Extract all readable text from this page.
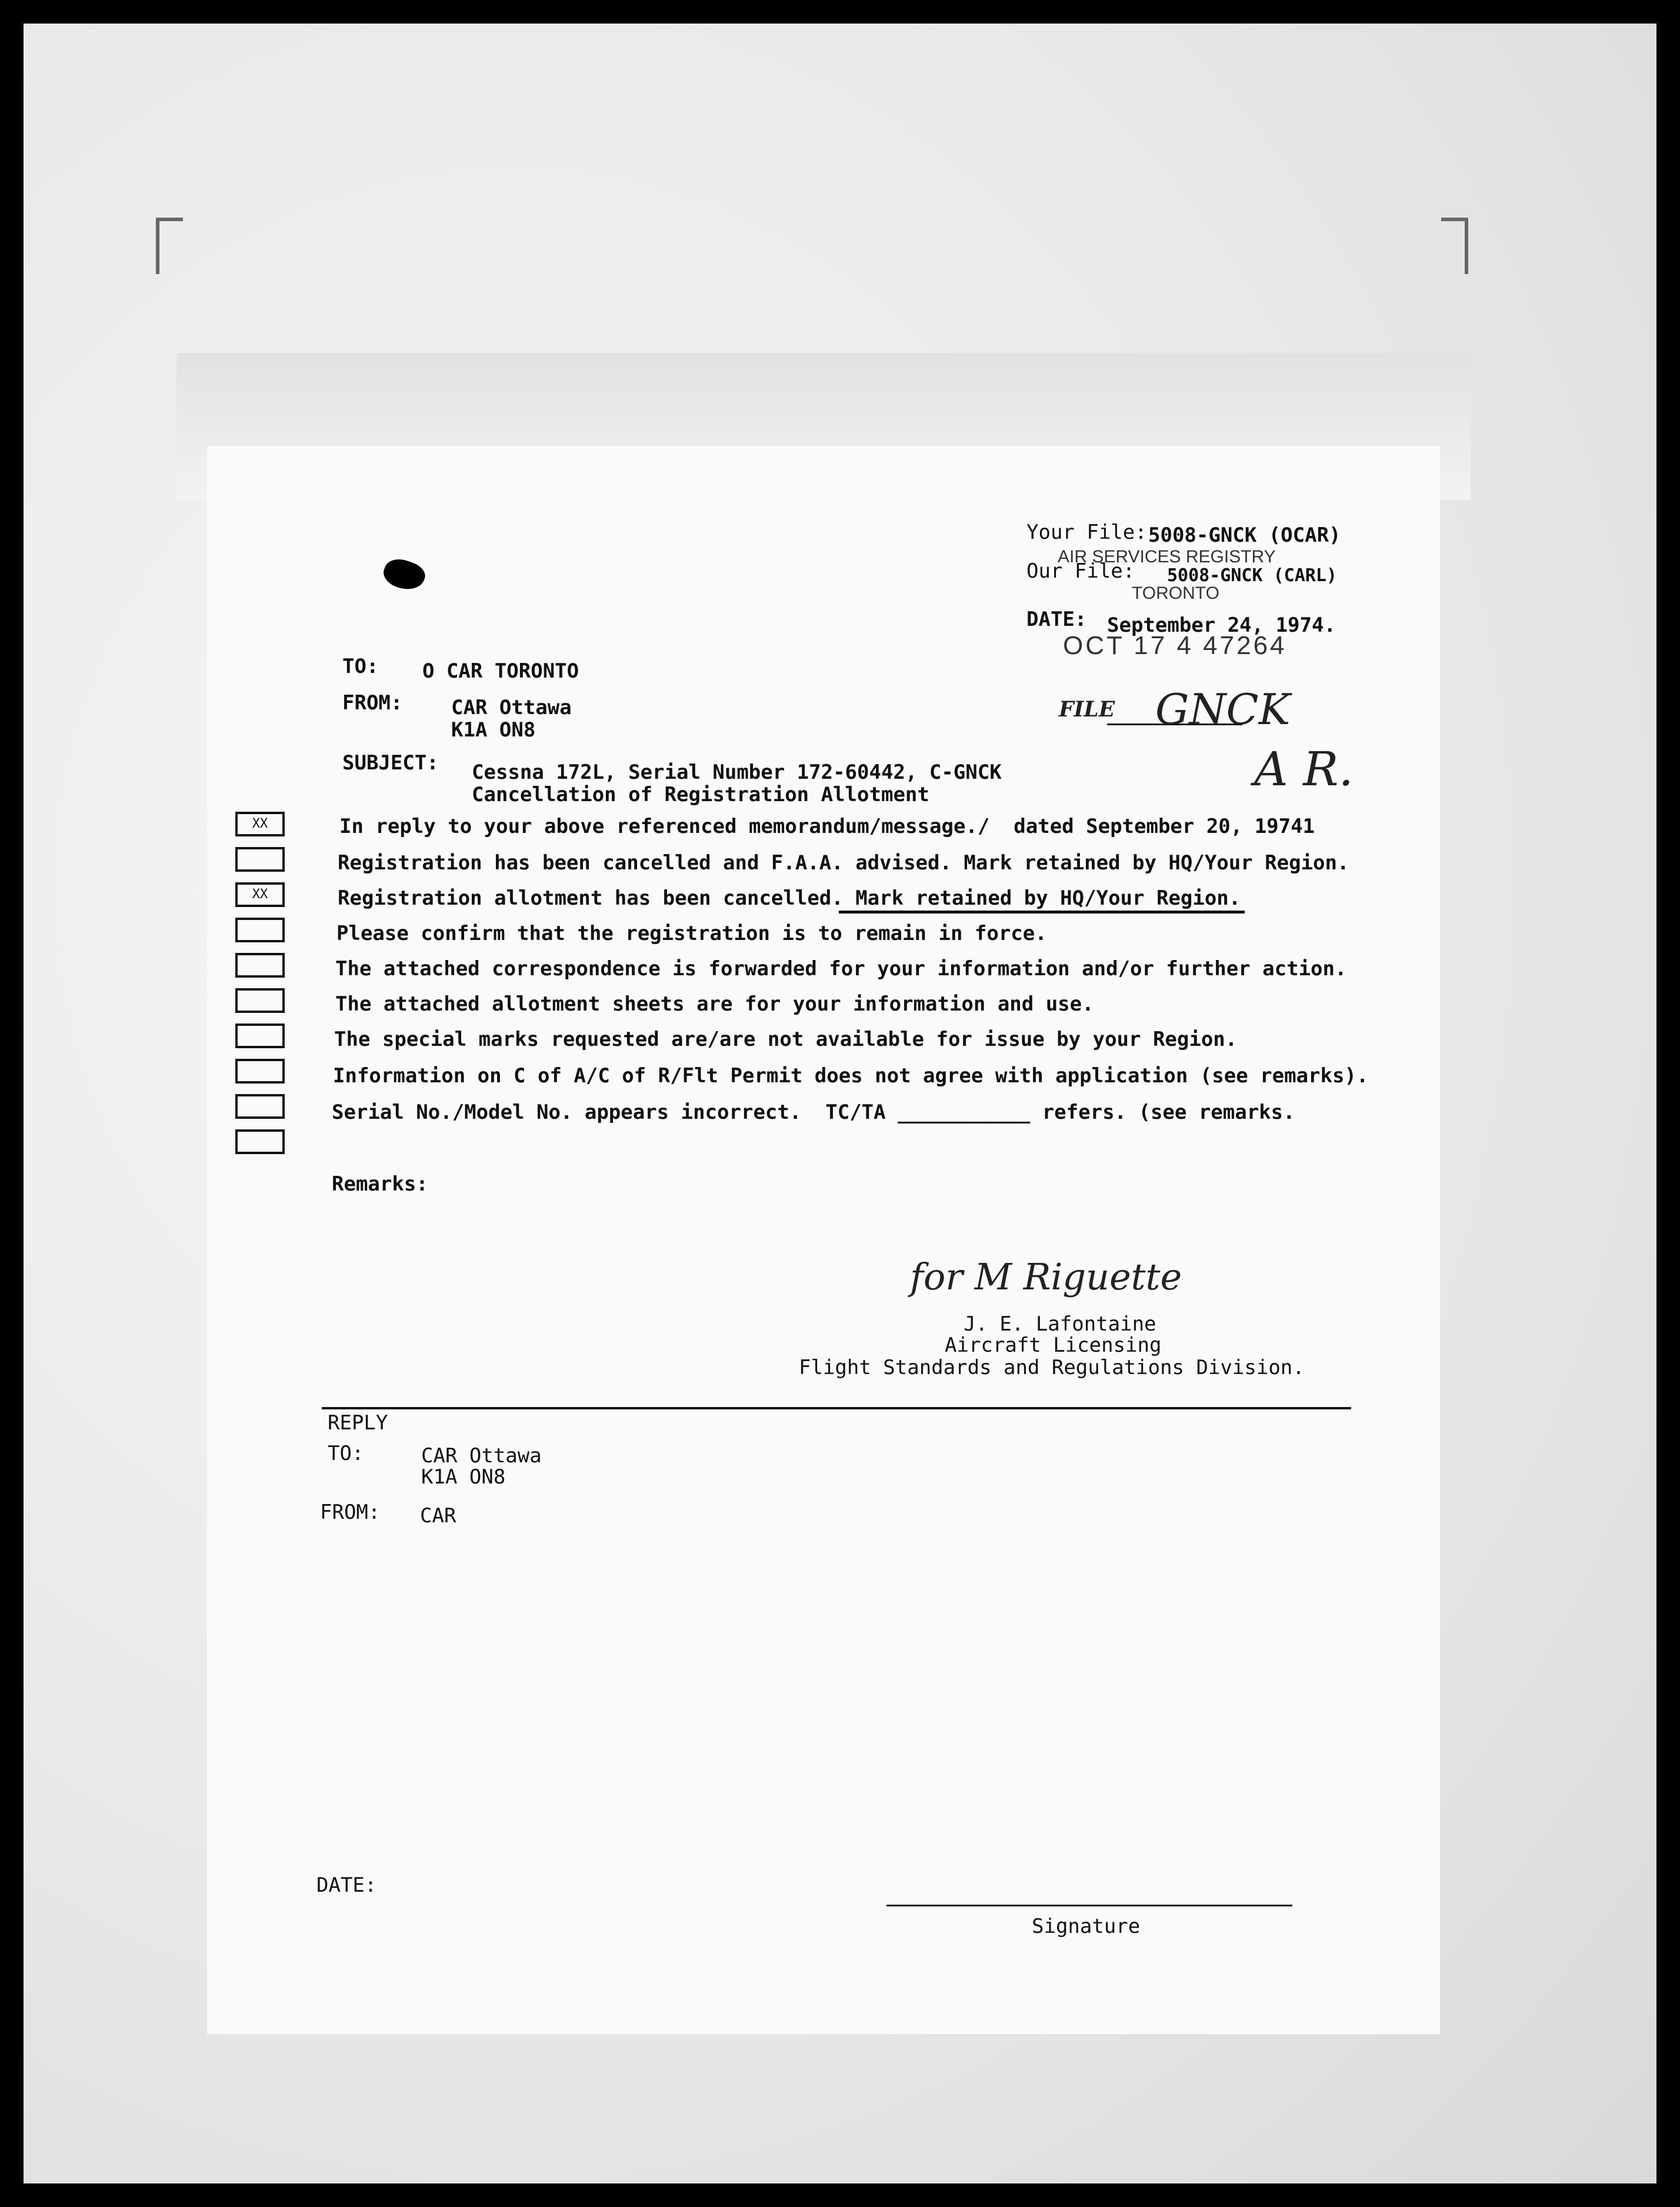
Your File: 5008-GNCK (OCAR)
AIR SERVICES REGISTRY
Our File: 5008-GNCK (CARL)
TORONTO
DATE: September 24, 1974.
OCT 17 4 47264
FILE GNCK
A R.
TO: O CAR TORONTO
FROM: CAR Ottawa
K1A ON8
SUBJECT: Cessna 172L, Serial Number 172-60442, C-GNCK
Cancellation of Registration Allotment
XX	In reply to your above referenced memorandum/message./  dated September 20, 19741
Registration has been cancelled and F.A.A. advised. Mark retained by HQ/Your Region.
XX	Registration allotment has been cancelled. Mark retained by HQ/Your Region.
Please confirm that the registration is to remain in force.
The attached correspondence is forwarded for your information and/or further action.
The attached allotment sheets are for your information and use.
The special marks requested are/are not available for issue by your Region.
Information on C of A/C of R/Flt Permit does not agree with application (see remarks).
Serial No./Model No. appears incorrect.  TC/TA ___________ refers. (see remarks.
Remarks:
for M Riguette
J. E. Lafontaine
Aircraft Licensing
Flight Standards and Regulations Division.
REPLY
TO:	CAR Ottawa
K1A ON8
FROM: CAR
DATE:
Signature
